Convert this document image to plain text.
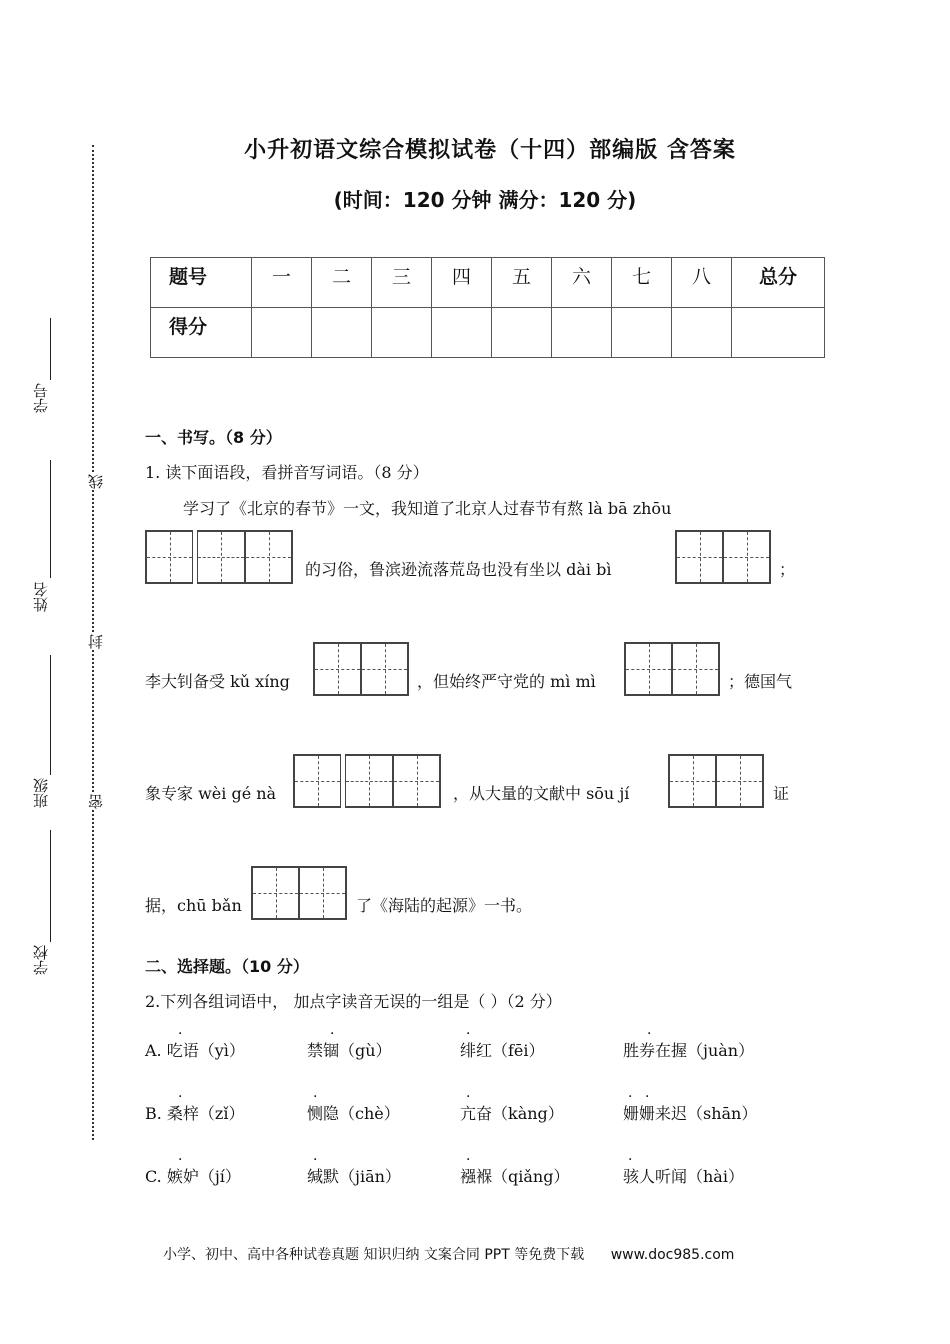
小升初语文综合模拟试卷（十四）部编版 含答案
(时间：120 分钟 满分：120 分)
题号	一	二	三	四	五	六	七	八	总分
得分									
学号
姓名
班级
学校
线
封
密
一、书写。（8 分）
1. 读下面语段，看拼音写词语。（8 分）
学习了《北京的春节》一文，我知道了北京人过春节有熬 là bā zhōu
的习俗，鲁滨逊流落荒岛也没有坐以 dài bì	；
李大钊备受 kǔ xíng	，但始终严守党的 mì mì	；德国气
象专家 wèi gé nà	，从大量的文献中 sōu jí	证
据，chū bǎn	了《海陆的起源》一书。
二、选择题。（10 分）
2.下列各组词语中， 加点字读音无误的一组是（ ）（2 分）
A. 吃语（yì）	禁锢（gù）	绯红（fēi）	胜券在握（juàn）
B. 桑梓（zǐ）	恻隐（chè）	亢奋（kàng）	姗姗来迟（shān）
C. 嫉妒（jí）	缄默（jiān）	襁褓（qiǎng）	骇人听闻（hài）
·	·	·	·
·	·	·	· ·
·	·	·	·
小学、初中、高中各种试卷真题 知识归纳 文案合同 PPT 等免费下载 www.doc985.com
